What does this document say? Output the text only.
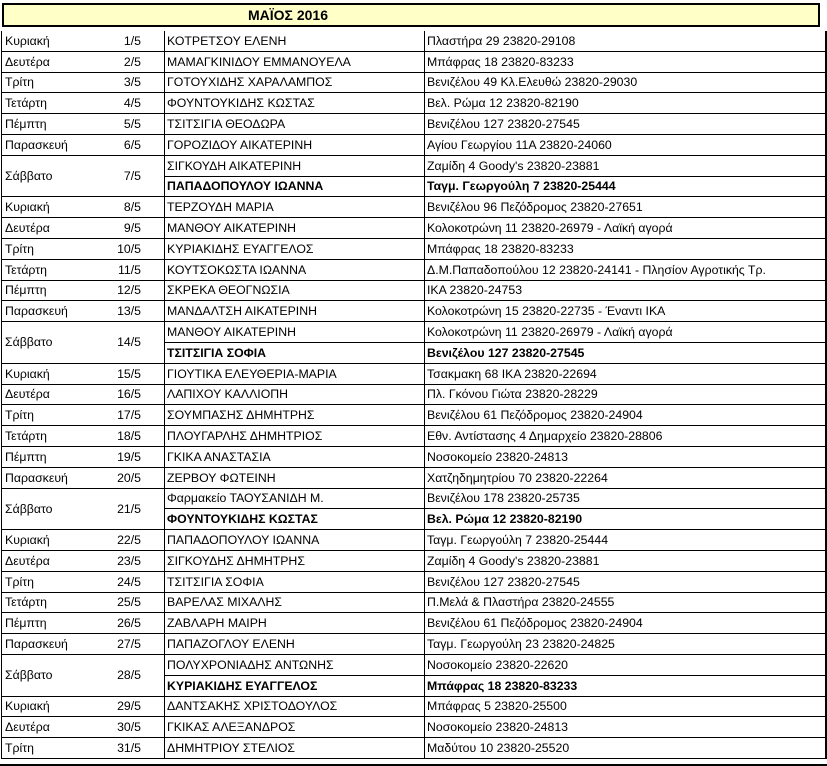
ΜΑΪΟΣ 2016
Κυριακή	1/5	ΚΟΤΡΕΤΣΟΥ ΕΛΕΝΗ	Πλαστήρα 29 23820-29108
Δευτέρα	2/5	ΜΑΜΑΓΚΙΝΙΔΟΥ ΕΜΜΑΝΟΥΕΛΑ	Μπάφρας 18 23820-83233
Τρίτη	3/5	ΓΟΤΟΥΧΙΔΗΣ ΧΑΡΑΛΑΜΠΟΣ	Βενιζέλου 49 Κλ.Ελευθώ 23820-29030
Τετάρτη	4/5	ΦΟΥΝΤΟΥΚΙΔΗΣ ΚΩΣΤΑΣ	Βελ. Ρώμα 12 23820-82190
Πέμπτη	5/5	ΤΣΙΤΣΙΓΙΑ ΘΕΟΔΩΡΑ	Βενιζέλου 127 23820-27545
Παρασκευή	6/5	ΓΟΡΟΖΙΔΟΥ ΑΙΚΑΤΕΡΙΝΗ	Αγίου Γεωργίου 11Α 23820-24060
Σάββατο	7/5	ΣΙΓΚΟΥΔΗ ΑΙΚΑΤΕΡΙΝΗ	Ζαμίδη 4 Goody's 23820-23881
		ΠΑΠΑΔΟΠΟΥΛΟΥ ΙΩΑΝΝΑ	Ταγμ. Γεωργούλη 7 23820-25444
Κυριακή	8/5	ΤΕΡΖΟΥΔΗ ΜΑΡΙΑ	Βενιζέλου 96 Πεζόδρομος 23820-27651
Δευτέρα	9/5	ΜΑΝΘΟΥ ΑΙΚΑΤΕΡΙΝΗ	Κολοκοτρώνη 11 23820-26979 - Λαϊκή αγορά
Τρίτη	10/5	ΚΥΡΙΑΚΙΔΗΣ ΕΥΑΓΓΕΛΟΣ	Μπάφρας 18 23820-83233
Τετάρτη	11/5	ΚΟΥΤΣΟΚΩΣΤΑ ΙΩΑΝΝΑ	Δ.Μ.Παπαδοπούλου 12 23820-24141 - Πλησίον Αγροτικής Τρ.
Πέμπτη	12/5	ΣΚΡΕΚΑ ΘΕΟΓΝΩΣΙΑ	ΙΚΑ 23820-24753
Παρασκευή	13/5	ΜΑΝΔΑΛΤΣΗ ΑΙΚΑΤΕΡΙΝΗ	Κολοκοτρώνη 15 23820-22735 - Έναντι ΙΚΑ
Σάββατο	14/5	ΜΑΝΘΟΥ ΑΙΚΑΤΕΡΙΝΗ	Κολοκοτρώνη 11 23820-26979 - Λαϊκή αγορά
		ΤΣΙΤΣΙΓΙΑ ΣΟΦΙΑ	Βενιζέλου 127 23820-27545
Κυριακή	15/5	ΓΙΟΥΤΙΚΑ ΕΛΕΥΘΕΡΙΑ-ΜΑΡΙΑ	Τσακμακη 68 ΙΚΑ 23820-22694
Δευτέρα	16/5	ΛΑΠΙΧΟΥ ΚΑΛΛΙΟΠΗ	Πλ. Γκόνου Γιώτα 23820-28229
Τρίτη	17/5	ΣΟΥΜΠΑΣΗΣ ΔΗΜΗΤΡΗΣ	Βενιζέλου 61 Πεζόδρομος 23820-24904
Τετάρτη	18/5	ΠΛΟΥΓΑΡΛΗΣ ΔΗΜΗΤΡΙΟΣ	Εθν. Αντίστασης 4 Δημαρχείο 23820-28806
Πέμπτη	19/5	ΓΚΙΚΑ ΑΝΑΣΤΑΣΙΑ	Νοσοκομείο 23820-24813
Παρασκευή	20/5	ΖΕΡΒΟΥ ΦΩΤΕΙΝΗ	Χατζηδημητρίου 70 23820-22264
Σάββατο	21/5	Φαρμακείο ΤΑΟΥΣΑΝΙΔΗ Μ.	Βενιζέλου 178 23820-25735
		ΦΟΥΝΤΟΥΚΙΔΗΣ ΚΩΣΤΑΣ	Βελ. Ρώμα 12 23820-82190
Κυριακή	22/5	ΠΑΠΑΔΟΠΟΥΛΟΥ ΙΩΑΝΝΑ	Ταγμ. Γεωργούλη 7 23820-25444
Δευτέρα	23/5	ΣΙΓΚΟΥΔΗΣ ΔΗΜΗΤΡΗΣ	Ζαμίδη 4 Goody's 23820-23881
Τρίτη	24/5	ΤΣΙΤΣΙΓΙΑ ΣΟΦΙΑ	Βενιζέλου 127 23820-27545
Τετάρτη	25/5	ΒΑΡΕΛΑΣ ΜΙΧΑΛΗΣ	Π.Μελά & Πλαστήρα 23820-24555
Πέμπτη	26/5	ΖΑΒΛΑΡΗ ΜΑΙΡΗ	Βενιζέλου 61 Πεζόδρομος 23820-24904
Παρασκευή	27/5	ΠΑΠΑΖΟΓΛΟΥ ΕΛΕΝΗ	Ταγμ. Γεωργούλη 23 23820-24825
Σάββατο	28/5	ΠΟΛΥΧΡΟΝΙΑΔΗΣ ΑΝΤΩΝΗΣ	Νοσοκομείο 23820-22620
		ΚΥΡΙΑΚΙΔΗΣ ΕΥΑΓΓΕΛΟΣ	Μπάφρας 18 23820-83233
Κυριακή	29/5	ΔΑΝΤΣΑΚΗΣ ΧΡΙΣΤΟΔΟΥΛΟΣ	Μπάφρας 5 23820-25500
Δευτέρα	30/5	ΓΚΙΚΑΣ ΑΛΕΞΑΝΔΡΟΣ	Νοσοκομείο 23820-24813
Τρίτη	31/5	ΔΗΜΗΤΡΙΟΥ ΣΤΕΛΙΟΣ	Μαδύτου 10 23820-25520
